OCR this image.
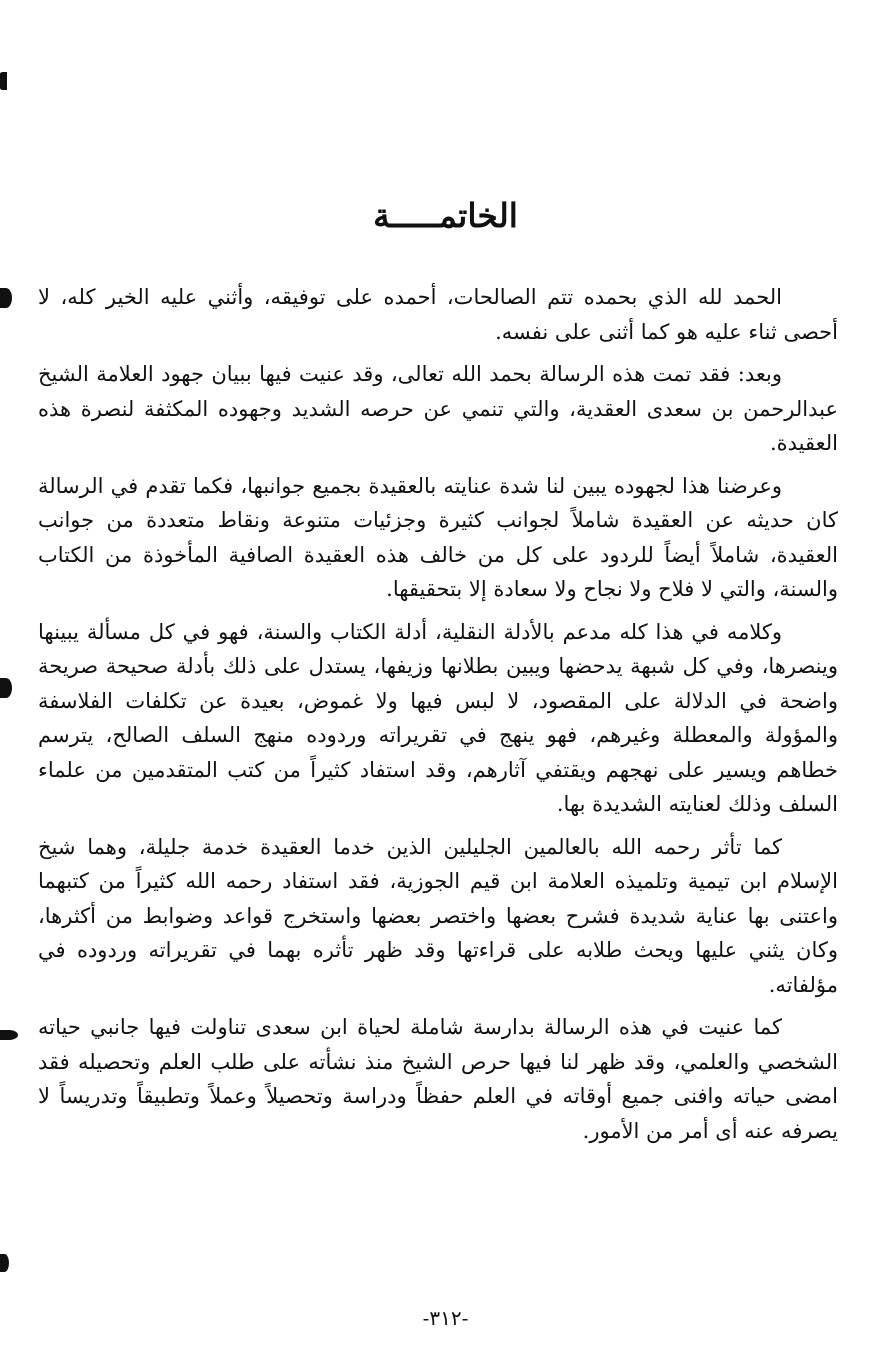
الخاتمـــــة

الحمد لله الذي بحمده تتم الصالحات، أحمده على توفيقه، وأثني عليه الخير كله، لا أحصى ثناء عليه هو كما أثنى على نفسه.

وبعد: فقد تمت هذه الرسالة بحمد الله تعالى، وقد عنيت فيها ببيان جهود العلامة الشيخ عبدالرحمن بن سعدى العقدية، والتي تنمي عن حرصه الشديد وجهوده المكثفة لنصرة هذه العقيدة.

وعرضنا هذا لجهوده يبين لنا شدة عنايته بالعقيدة بجميع جوانبها، فكما تقدم في الرسالة كان حديثه عن العقيدة شاملاً لجوانب كثيرة وجزئيات متنوعة ونقاط متعددة من جوانب العقيدة، شاملاً أيضاً للردود على كل من خالف هذه العقيدة الصافية المأخوذة من الكتاب والسنة، والتي لا فلاح ولا نجاح ولا سعادة إلا بتحقيقها.

وكلامه في هذا كله مدعم بالأدلة النقلية، أدلة الكتاب والسنة، فهو في كل مسألة يبينها وينصرها، وفي كل شبهة يدحضها ويبين بطلانها وزيفها، يستدل على ذلك بأدلة صحيحة صريحة واضحة في الدلالة على المقصود، لا لبس فيها ولا غموض، بعيدة عن تكلفات الفلاسفة والمؤولة والمعطلة وغيرهم، فهو ينهج في تقريراته وردوده منهج السلف الصالح، يترسم خطاهم ويسير على نهجهم ويقتفي آثارهم، وقد استفاد كثيراً من كتب المتقدمين من علماء السلف وذلك لعنايته الشديدة بها.

كما تأثر رحمه الله بالعالمين الجليلين الذين خدما العقيدة خدمة جليلة، وهما شيخ الإسلام ابن تيمية وتلميذه العلامة ابن قيم الجوزية، فقد استفاد رحمه الله كثيراً من كتبهما واعتنى بها عناية شديدة فشرح بعضها واختصر بعضها واستخرج قواعد وضوابط من أكثرها، وكان يثني عليها ويحث طلابه على قراءتها وقد ظهر تأثره بهما في تقريراته وردوده في مؤلفاته.

كما عنيت في هذه الرسالة بدارسة شاملة لحياة ابن سعدى تناولت فيها جانبي حياته الشخصي والعلمي، وقد ظهر لنا فيها حرص الشيخ منذ نشأته على طلب العلم وتحصيله فقد امضى حياته وافنى جميع أوقاته في العلم حفظاً ودراسة وتحصيلاً وعملاً وتطبيقاً وتدريساً لا يصرفه عنه أى أمر من الأمور.

-٣١٢-
